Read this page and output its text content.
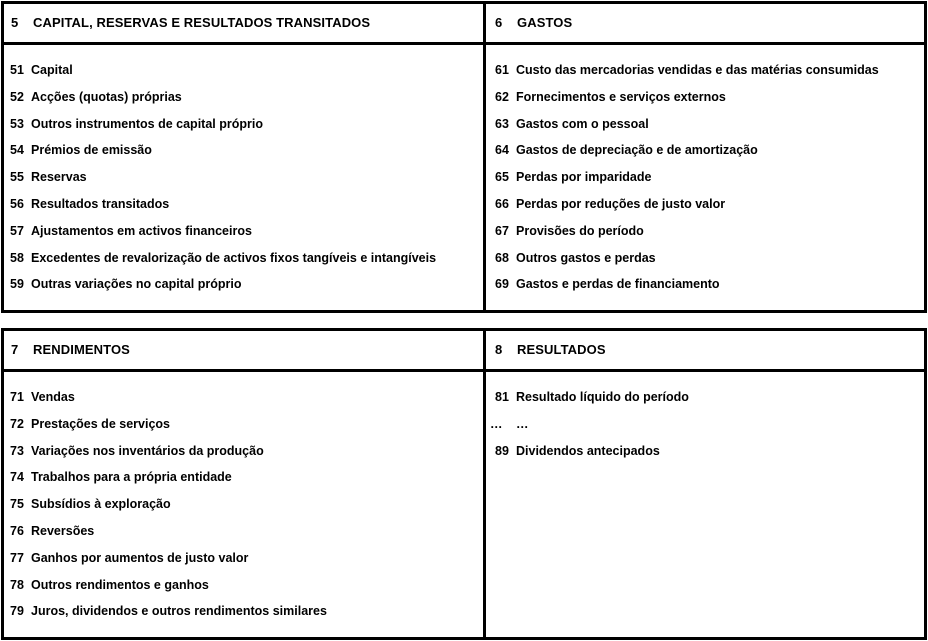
5 CAPITAL, RESERVAS E RESULTADOS TRANSITADOS
51 Capital
52 Acções (quotas) próprias
53 Outros instrumentos de capital próprio
54 Prémios de emissão
55 Reservas
56 Resultados transitados
57 Ajustamentos em activos financeiros
58 Excedentes de revalorização de activos fixos tangíveis e intangíveis
59 Outras variações no capital próprio
6 GASTOS
61 Custo das mercadorias vendidas e das matérias consumidas
62 Fornecimentos e serviços externos
63 Gastos com o pessoal
64 Gastos de depreciação e de amortização
65 Perdas por imparidade
66 Perdas por reduções de justo valor
67 Provisões do período
68 Outros gastos e perdas
69 Gastos e perdas de financiamento
7 RENDIMENTOS
71 Vendas
72 Prestações de serviços
73 Variações nos inventários da produção
74 Trabalhos para a própria entidade
75 Subsídios à exploração
76 Reversões
77 Ganhos por aumentos de justo valor
78 Outros rendimentos e ganhos
79 Juros, dividendos e outros rendimentos similares
8 RESULTADOS
81 Resultado líquido do período
… …
89 Dividendos antecipados
